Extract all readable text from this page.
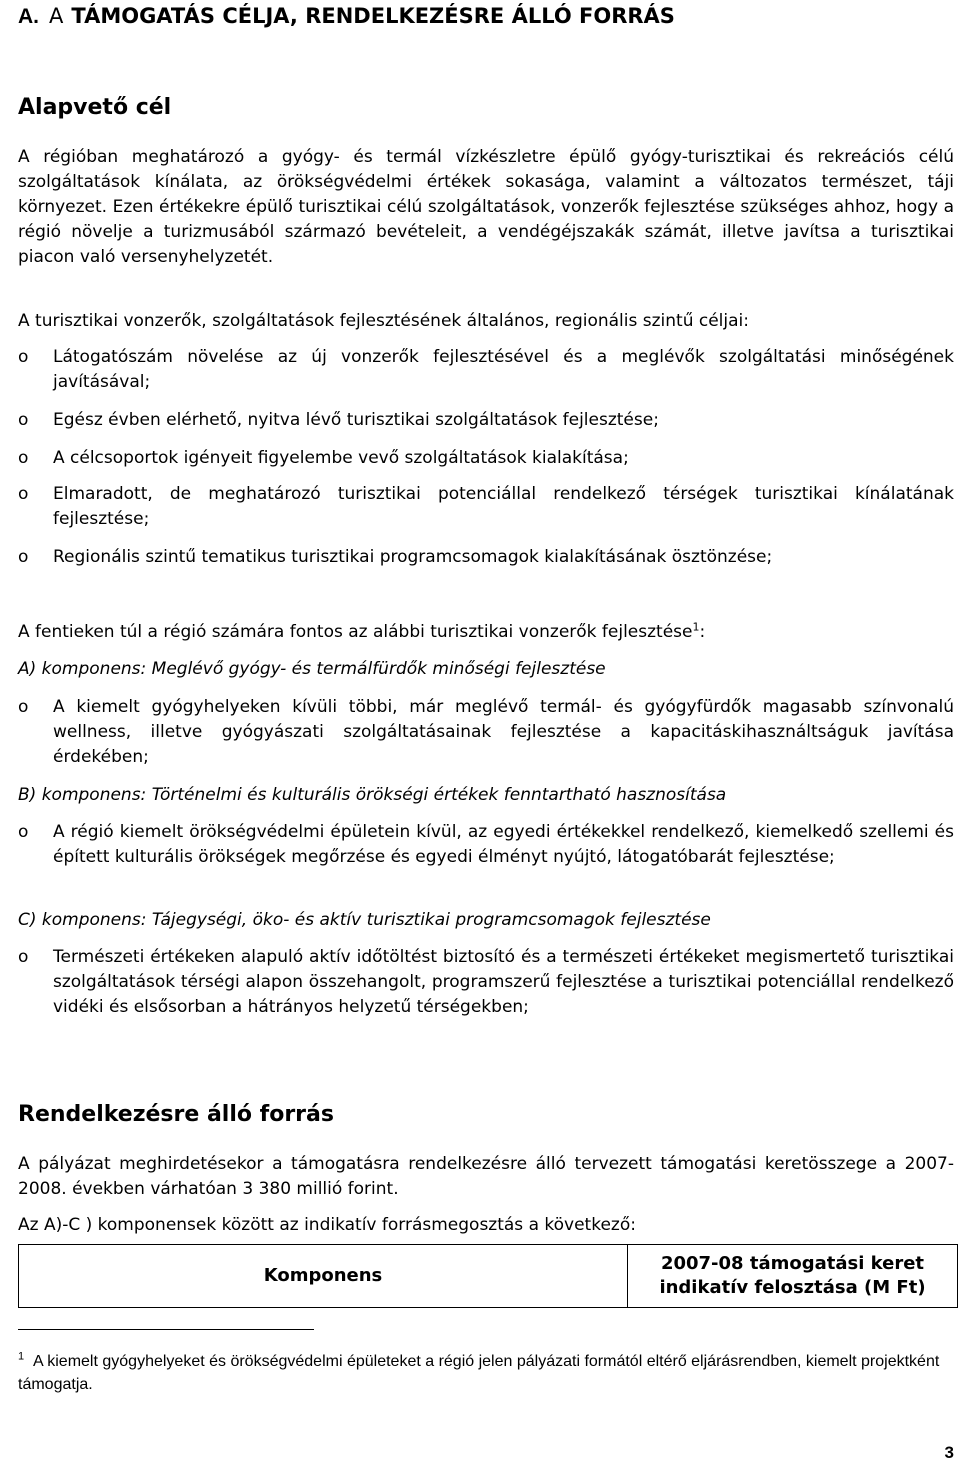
A. A TÁMOGATÁS CÉLJA, RENDELKEZÉSRE ÁLLÓ FORRÁS
Alapvető cél
A régióban meghatározó a gyógy- és termál vízkészletre épülő gyógy-turisztikai és rekreációs célú szolgáltatások kínálata, az örökségvédelmi értékek sokasága, valamint a változatos természet, táji környezet. Ezen értékekre épülő turisztikai célú szolgáltatások, vonzerők fejlesztése szükséges ahhoz, hogy a régió növelje a turizmusából származó bevételeit, a vendégéjszakák számát, illetve javítsa a turisztikai piacon való versenyhelyzetét.
A turisztikai vonzerők, szolgáltatások fejlesztésének általános, regionális szintű céljai:
o Látogatószám növelése az új vonzerők fejlesztésével és a meglévők szolgáltatási minőségének javításával;
o Egész évben elérhető, nyitva lévő turisztikai szolgáltatások fejlesztése;
o A célcsoportok igényeit figyelembe vevő szolgáltatások kialakítása;
o Elmaradott, de meghatározó turisztikai potenciállal rendelkező térségek turisztikai kínálatának fejlesztése;
o Regionális szintű tematikus turisztikai programcsomagok kialakításának ösztönzése;
A fentieken túl a régió számára fontos az alábbi turisztikai vonzerők fejlesztése$^1$:
A) komponens: Meglévő gyógy- és termálfürdők minőségi fejlesztése
o A kiemelt gyógyhelyeken kívüli többi, már meglévő termál- és gyógyfürdők magasabb színvonalú wellness, illetve gyógyászati szolgáltatásainak fejlesztése a kapacitáskihasználtságuk javítása érdekében;
B) komponens: Történelmi és kulturális örökségi értékek fenntartható hasznosítása
o A régió kiemelt örökségvédelmi épületein kívül, az egyedi értékekkel rendelkező, kiemelkedő szellemi és épített kulturális örökségek megőrzése és egyedi élményt nyújtó, látogatóbarát fejlesztése;
C) komponens: Tájegységi, öko- és aktív turisztikai programcsomagok fejlesztése
o Természeti értékeken alapuló aktív időtöltést biztosító és a természeti értékeket megismertető turisztikai szolgáltatások térségi alapon összehangolt, programszerű fejlesztése a turisztikai potenciállal rendelkező vidéki és elsősorban a hátrányos helyzetű térségekben;
Rendelkezésre álló forrás
A pályázat meghirdetésekor a támogatásra rendelkezésre álló tervezett támogatási keretösszege a 2007-2008. években várhatóan 3 380 millió forint.
Az A)-C ) komponensek között az indikatív forrásmegosztás a következő:
Komponens	2007-08 támogatási keret indikatív felosztása (M Ft)
$^1$ A kiemelt gyógyhelyeket és örökségvédelmi épületeket a régió jelen pályázati formától eltérő eljárásrendben, kiemelt projektként támogatja.
3
